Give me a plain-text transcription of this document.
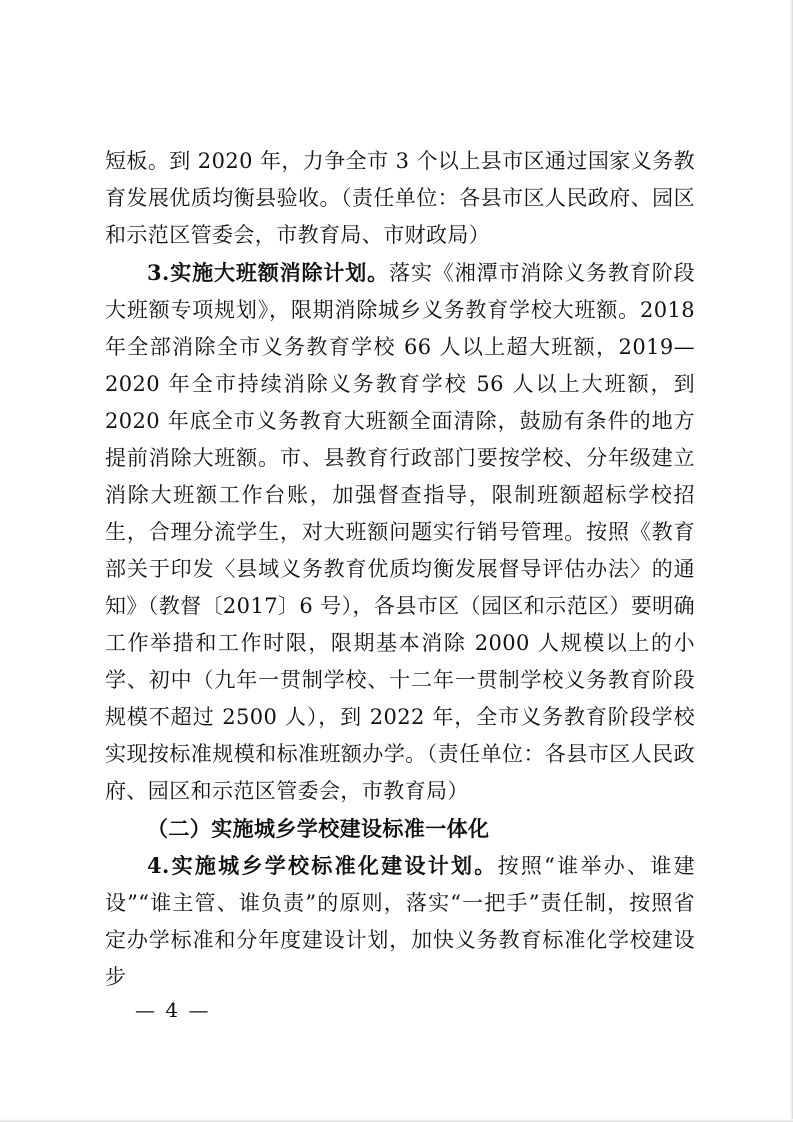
短板。到 2020 年，力争全市 3 个以上县市区通过国家义务教育发展优质均衡县验收。（责任单位：各县市区人民政府、园区和示范区管委会，市教育局、市财政局）

3.实施大班额消除计划。落实《湘潭市消除义务教育阶段大班额专项规划》，限期消除城乡义务教育学校大班额。2018 年全部消除全市义务教育学校 66 人以上超大班额，2019—2020 年全市持续消除义务教育学校 56 人以上大班额，到 2020 年底全市义务教育大班额全面清除，鼓励有条件的地方提前消除大班额。市、县教育行政部门要按学校、分年级建立消除大班额工作台账，加强督查指导，限制班额超标学校招生，合理分流学生，对大班额问题实行销号管理。按照《教育部关于印发〈县域义务教育优质均衡发展督导评估办法〉的通知》（教督〔2017〕6 号），各县市区（园区和示范区）要明确工作举措和工作时限，限期基本消除 2000 人规模以上的小学、初中（九年一贯制学校、十二年一贯制学校义务教育阶段规模不超过 2500 人），到 2022 年，全市义务教育阶段学校实现按标准规模和标准班额办学。（责任单位：各县市区人民政府、园区和示范区管委会，市教育局）

（二）实施城乡学校建设标准一体化

4.实施城乡学校标准化建设计划。按照“谁举办、谁建设”“谁主管、谁负责”的原则，落实“一把手”责任制，按照省定办学标准和分年度建设计划，加快义务教育标准化学校建设步

— 4 —
